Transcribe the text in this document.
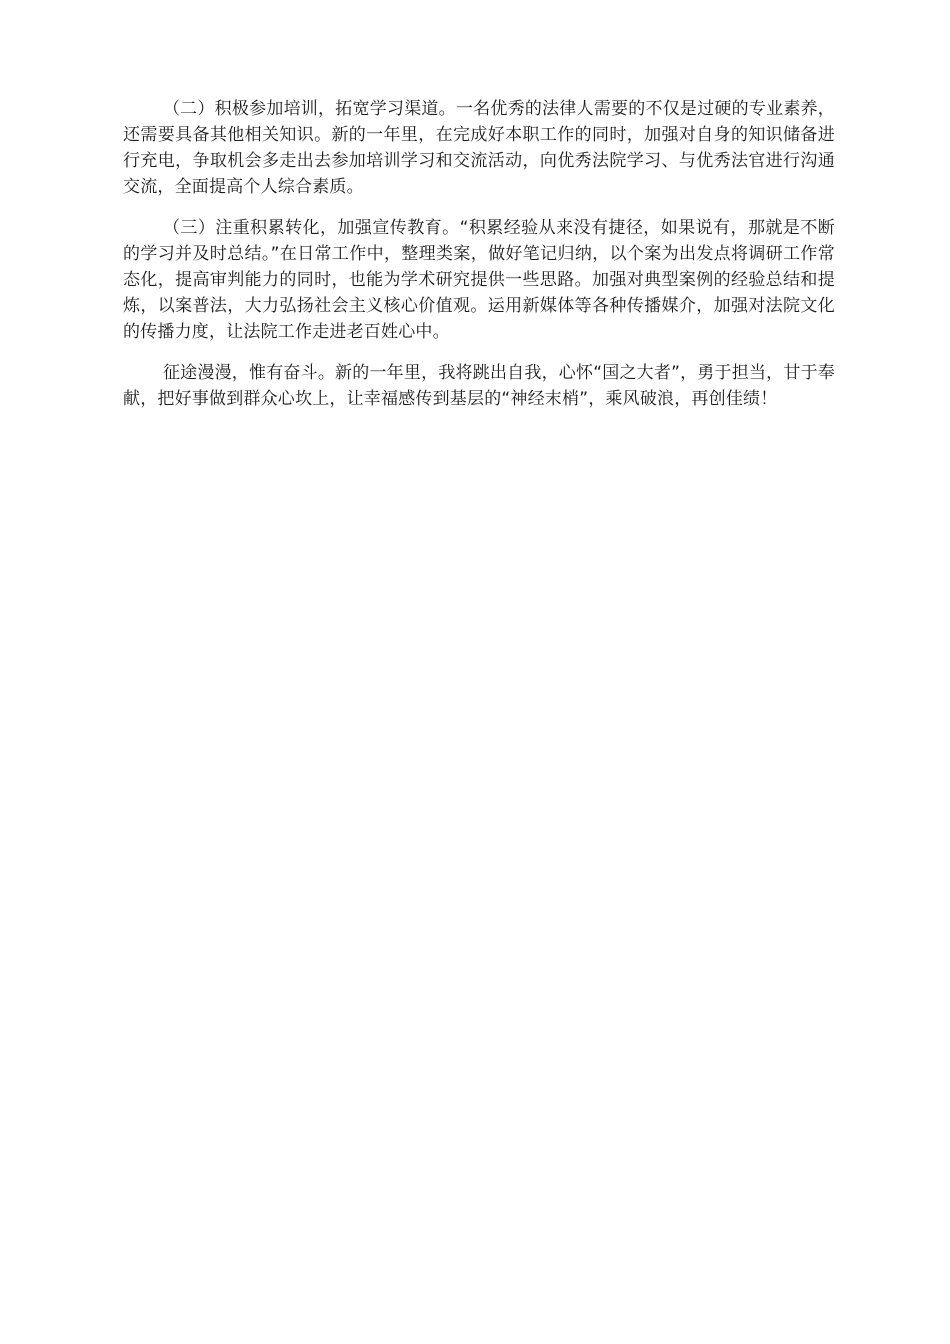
（二）积极参加培训，拓宽学习渠道。一名优秀的法律人需要的不仅是过硬的专业素养，还需要具备其他相关知识。新的一年里，在完成好本职工作的同时，加强对自身的知识储备进行充电，争取机会多走出去参加培训学习和交流活动，向优秀法院学习、与优秀法官进行沟通交流，全面提高个人综合素质。

（三）注重积累转化，加强宣传教育。“积累经验从来没有捷径，如果说有，那就是不断的学习并及时总结。”在日常工作中，整理类案，做好笔记归纳，以个案为出发点将调研工作常态化，提高审判能力的同时，也能为学术研究提供一些思路。加强对典型案例的经验总结和提炼，以案普法，大力弘扬社会主义核心价值观。运用新媒体等各种传播媒介，加强对法院文化的传播力度，让法院工作走进老百姓心中。

征途漫漫，惟有奋斗。新的一年里，我将跳出自我，心怀“国之大者”，勇于担当，甘于奉献，把好事做到群众心坎上，让幸福感传到基层的“神经末梢”，乘风破浪，再创佳绩！
